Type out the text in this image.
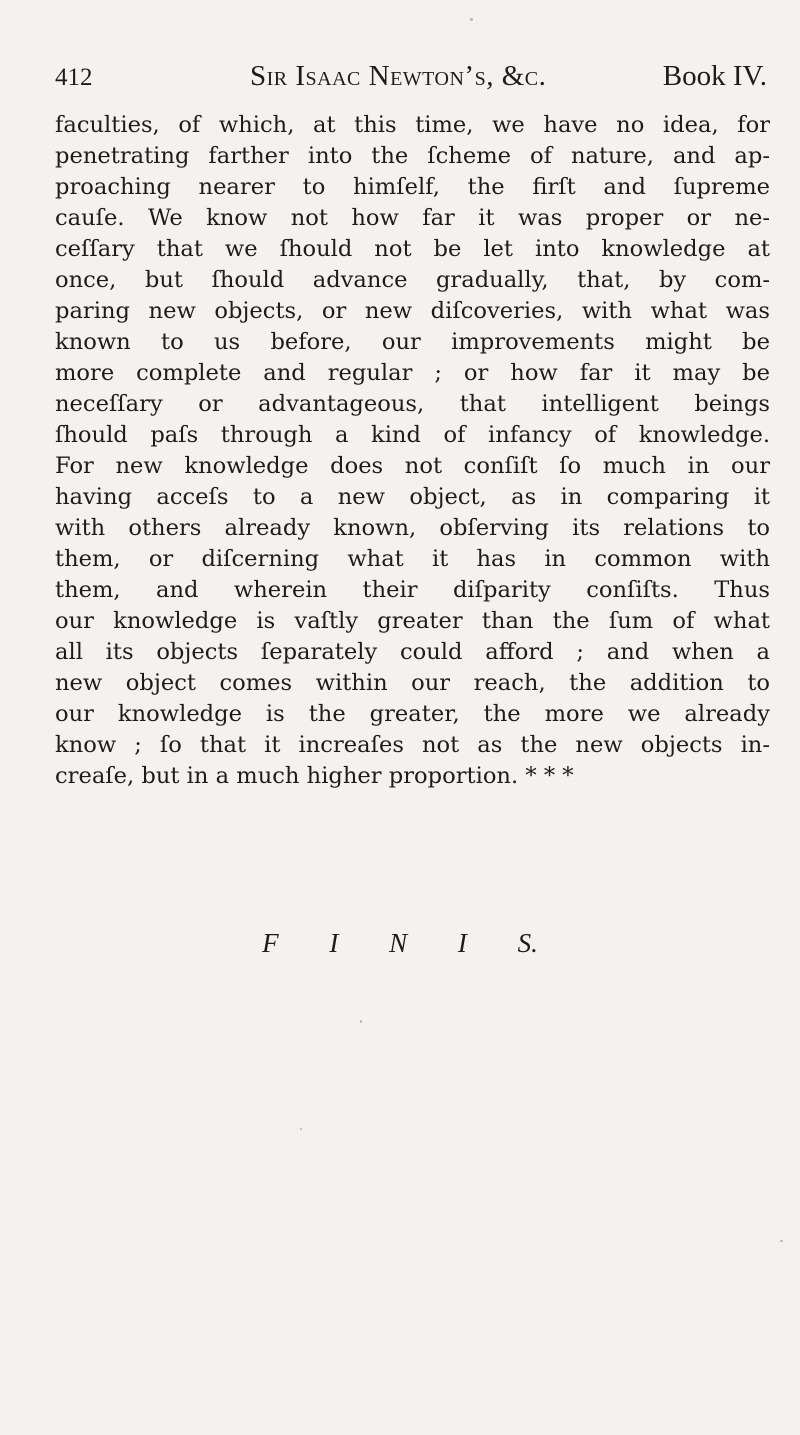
412	Sir Isaac Newton’s, &c.	Book IV.
faculties, of which, at this time, we have no idea, for
penetrating farther into the ſcheme of nature, and ap-
proaching nearer to himſelf, the firſt and ſupreme
cauſe. We know not how far it was proper or ne-
ceſſary that we ſhould not be let into knowledge at
once, but ſhould advance gradually, that, by com-
paring new objects, or new diſcoveries, with what was
known to us before, our improvements might be
more complete and regular ; or how far it may be
neceſſary or advantageous, that intelligent beings
ſhould paſs through a kind of infancy of knowledge.
For new knowledge does not conſiſt ſo much in our
having acceſs to a new object, as in comparing it
with others already known, obſerving its relations to
them, or diſcerning what it has in common with
them, and wherein their diſparity conſiſts. Thus
our knowledge is vaſtly greater than the ſum of what
all its objects ſeparately could afford ; and when a
new object comes within our reach, the addition to
our knowledge is the greater, the more we already
know ; ſo that it increaſes not as the new objects in-
creaſe, but in a much higher proportion. * * *
F I N I S.
